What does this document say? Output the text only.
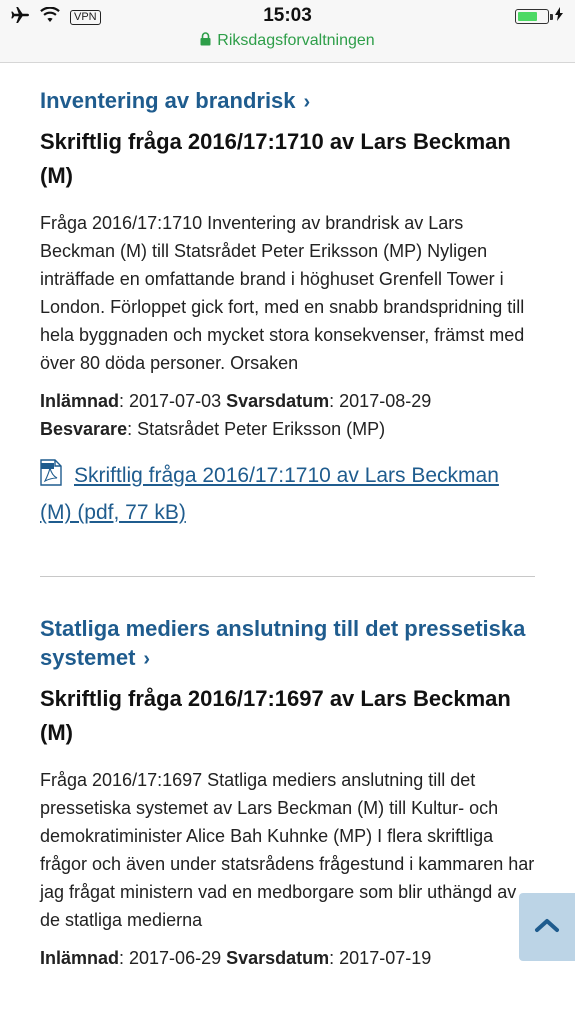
VPN	15:03
Riksdagsforvaltningen
Inventering av brandrisk ›
Skriftlig fråga 2016/17:1710 av Lars Beckman (M)
Fråga 2016/17:1710 Inventering av brandrisk av Lars Beckman (M) till Statsrådet Peter Eriksson (MP) Nyligen inträffade en omfattande brand i höghuset Grenfell Tower i London. Förloppet gick fort, med en snabb brandspridning till hela byggnaden och mycket stora konsekvenser, främst med över 80 döda personer. Orsaken
Inlämnad: 2017-07-03 Svarsdatum: 2017-08-29
Besvarare: Statsrådet Peter Eriksson (MP)
Skriftlig fråga 2016/17:1710 av Lars Beckman (M) (pdf, 77 kB)
Statliga mediers anslutning till det pressetiska systemet ›
Skriftlig fråga 2016/17:1697 av Lars Beckman (M)
Fråga 2016/17:1697 Statliga mediers anslutning till det pressetiska systemet av Lars Beckman (M) till Kultur- och demokratiminister Alice Bah Kuhnke (MP) I flera skriftliga frågor och även under statsrådens frågestund i kammaren har jag frågat ministern vad en medborgare som blir uthängd av de statliga medierna
Inlämnad: 2017-06-29 Svarsdatum: 2017-07-19
